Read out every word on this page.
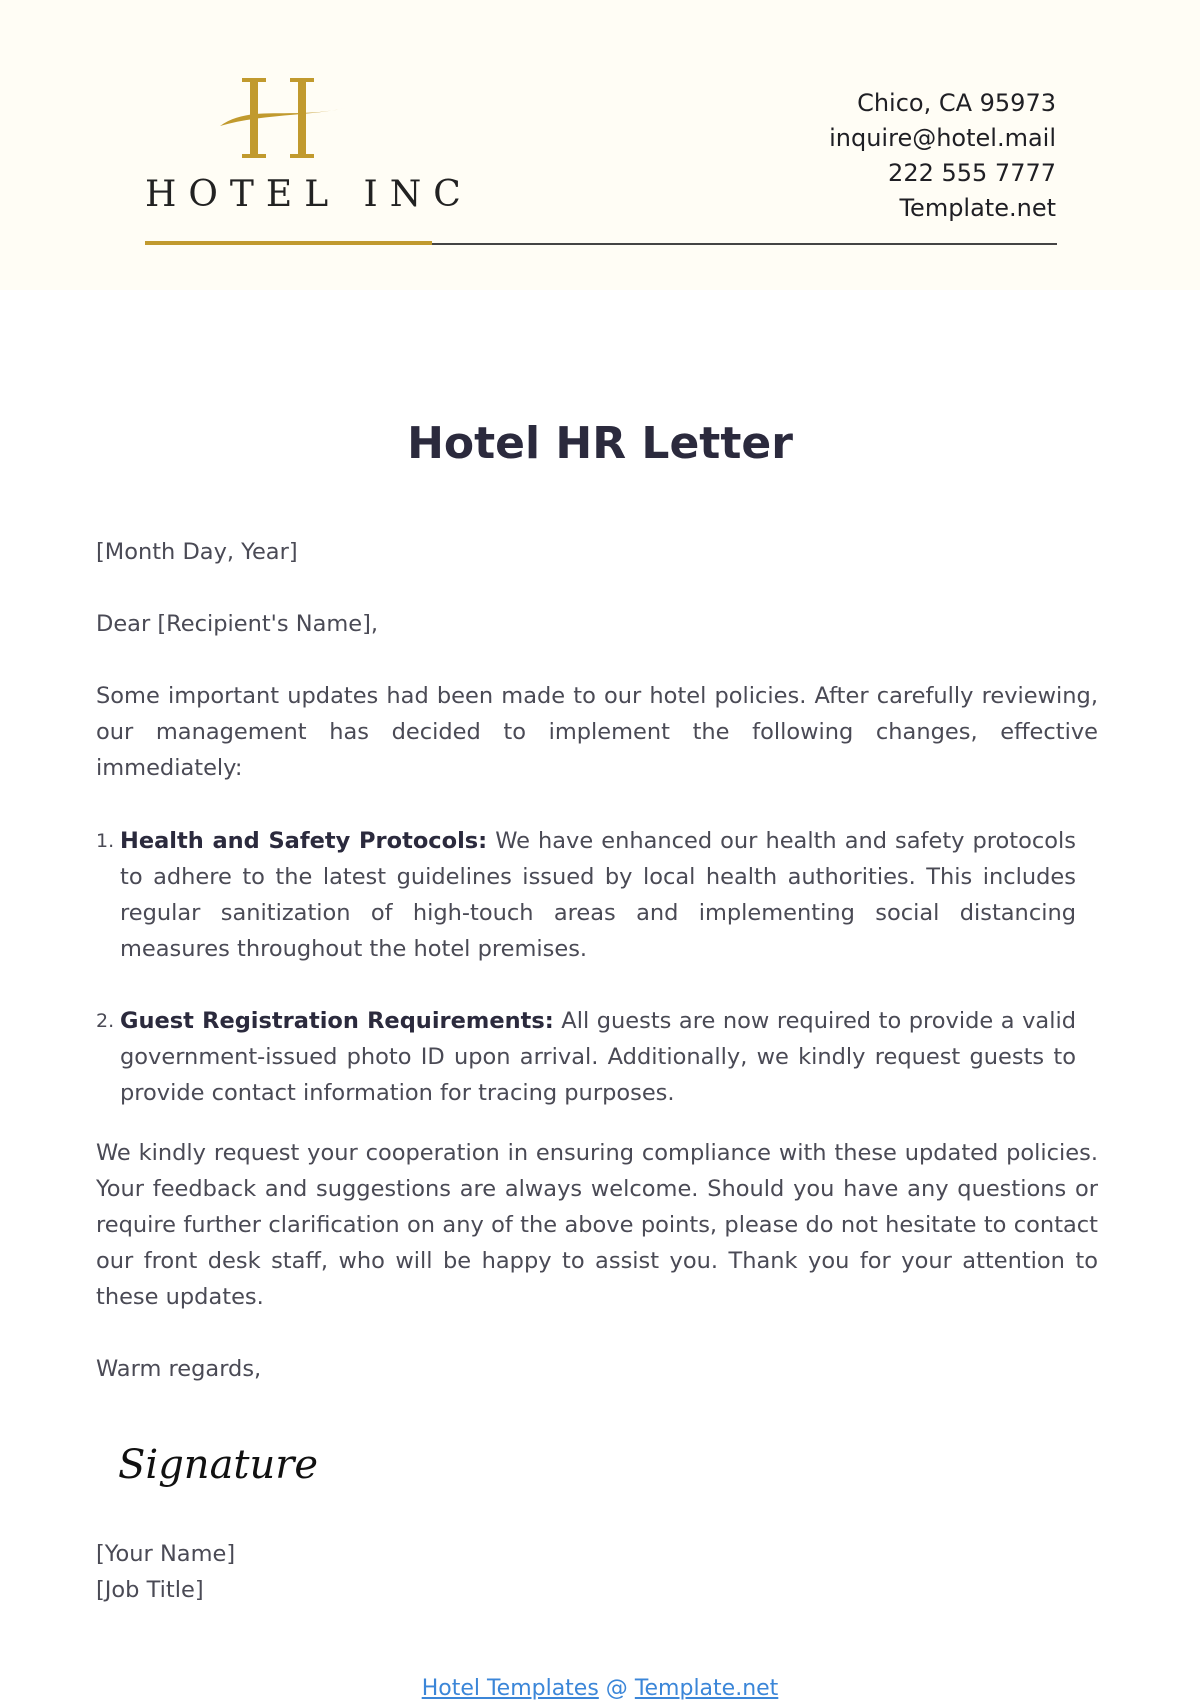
HOTEL INC
Chico, CA 95973
inquire@hotel.mail
222 555 7777
Template.net
Hotel HR Letter
[Month Day, Year]
Dear [Recipient's Name],
Some important updates had been made to our hotel policies. After carefully reviewing, our management has decided to implement the following changes, effective immediately:
1. Health and Safety Protocols: We have enhanced our health and safety protocols to adhere to the latest guidelines issued by local health authorities. This includes regular sanitization of high-touch areas and implementing social distancing measures throughout the hotel premises.
2. Guest Registration Requirements: All guests are now required to provide a valid government-issued photo ID upon arrival. Additionally, we kindly request guests to provide contact information for tracing purposes.
We kindly request your cooperation in ensuring compliance with these updated policies. Your feedback and suggestions are always welcome. Should you have any questions or require further clarification on any of the above points, please do not hesitate to contact our front desk staff, who will be happy to assist you. Thank you for your attention to these updates.
Warm regards,
Signature
[Your Name]
[Job Title]
Hotel Templates @ Template.net
